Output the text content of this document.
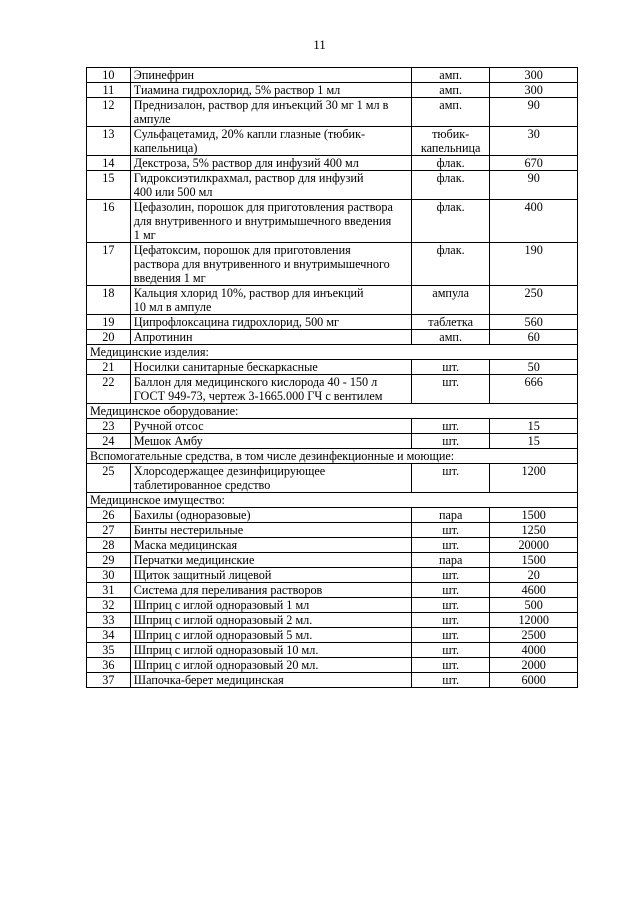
11
10	Эпинефрин	амп.	300
11	Тиамина гидрохлорид, 5% раствор 1 мл	амп.	300
12	Преднизалон, раствор для инъекций 30 мг 1 мл в
ампуле	амп.	90
13	Сульфацетамид, 20% капли глазные (тюбик-
капельница)	тюбик-капельница	30
14	Декстроза, 5% раствор для инфузий 400 мл	флак.	670
15	Гидроксиэтилкрахмал, раствор для инфузий
400 или 500 мл	флак.	90
16	Цефазолин, порошок для приготовления раствора
для внутривенного и внутримышечного введения
1 мг	флак.	400
17	Цефатоксим, порошок для приготовления
раствора для внутривенного и внутримышечного
введения 1 мг	флак.	190
18	Кальция хлорид 10%, раствор для инъекций
10 мл в ампуле	ампула	250
19	Ципрофлоксацина гидрохлорид, 500 мг	таблетка	560
20	Апротинин	амп.	60
Медицинские изделия:			
21	Носилки санитарные бескаркасные	шт.	50
22	Баллон для медицинского кислорода 40 - 150 л
ГОСТ 949-73, чертеж 3-1665.000 ГЧ с вентилем	шт.	666
Медицинское оборудование:			
23	Ручной отсос	шт.	15
24	Мешок Амбу	шт.	15
Вспомогательные средства, в том числе дезинфекционные и моющие:			
25	Хлорсодержащее дезинфицирующее
таблетированное средство	шт.	1200
Медицинское имущество:			
26	Бахилы (одноразовые)	пара	1500
27	Бинты нестерильные	шт.	1250
28	Маска медицинская	шт.	20000
29	Перчатки медицинские	пара	1500
30	Щиток защитный лицевой	шт.	20
31	Система для переливания растворов	шт.	4600
32	Шприц с иглой одноразовый 1 мл	шт.	500
33	Шприц с иглой одноразовый 2 мл.	шт.	12000
34	Шприц с иглой одноразовый 5 мл.	шт.	2500
35	Шприц с иглой одноразовый 10 мл.	шт.	4000
36	Шприц с иглой одноразовый 20 мл.	шт.	2000
37	Шапочка-берет медицинская	шт.	6000
